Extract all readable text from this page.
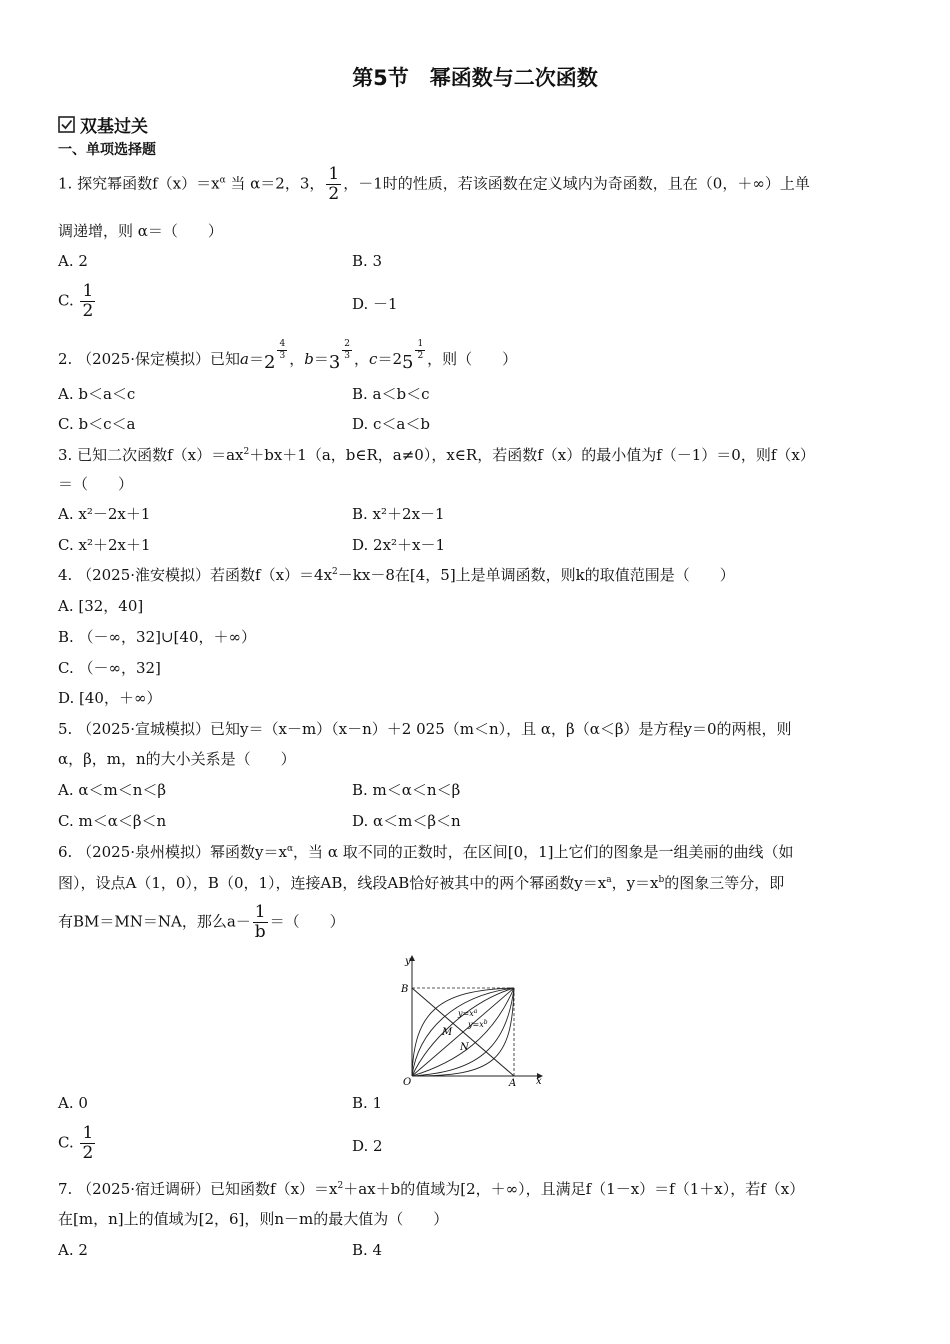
第5节　幂函数与二次函数
双基过关
一、单项选择题
1. 探究幂函数$f(x)=x^\alpha$ 当 α＝2，3， $\frac{1}{2}$ ，－1时的性质，若该函数在定义域内为奇函数，且在（0，＋∞）上单
调递增，则 α＝（　　）
A. 2	B. 3
C. $\frac{1}{2}$	D. －1
2. （2025·保定模拟）已知a＝2
$\frac{4}{3}$ ，b＝3
$\frac{2}{3}$ ，c＝25
$\frac{1}{2}$ ，则（　　）
A. b＜a＜c	B. a＜b＜c
C. b＜c＜a	D. c＜a＜b
3. 已知二次函数$f(x)=ax^2+bx+1(a$，b∈R，a≠0），x∈R，若函数f（x）的最小值为f（－1）＝0，则f（x）
＝（　　）
A. x²－2x＋1	B. x²＋2x－1
C. x²＋2x＋1	D. 2x²＋x－1
4. （2025·淮安模拟）若函数$f(x)=4x^2-kx-8$在[4，5]上是单调函数，则k的取值范围是（　　）
A. [32，40]
B. （－∞，32]∪[40，＋∞）
C. （－∞，32]
D. [40，＋∞）
5. （2025·宣城模拟）已知y＝（x－m）（x－n）＋2 025（m＜n），且 α，β（α＜β）是方程y＝0的两根，则
α，β，m，n的大小关系是（　　）
A. α＜m＜n＜β	B. m＜α＜n＜β
C. m＜α＜β＜n	D. α＜m＜β＜n
6. （2025·泉州模拟）幂函数$y=x^\alpha$，当 α 取不同的正数时，在区间[0，1]上它们的图象是一组美丽的曲线（如
图），设点A（1，0），B（0，1），连接AB，线段AB恰好被其中的两个幂函数$y=x^a$，$y=x^b$的图象三等分，即
有BM＝MN＝NA，那么$a- \frac{1}{b}$ ＝（　　）
y
x
O	A
B
M
N
$y=x^a$
$y=x^b$
A. 0	B. 1
C. $\frac{1}{2}$	D. 2
7. （2025·宿迁调研）已知函数$f(x)=x^2+ax+b$的值域为[2，＋∞），且满足f（1－x）＝f（1＋x），若f（x）
在[m，n]上的值域为[2，6]，则n－m的最大值为（　　）
A. 2	B. 4
